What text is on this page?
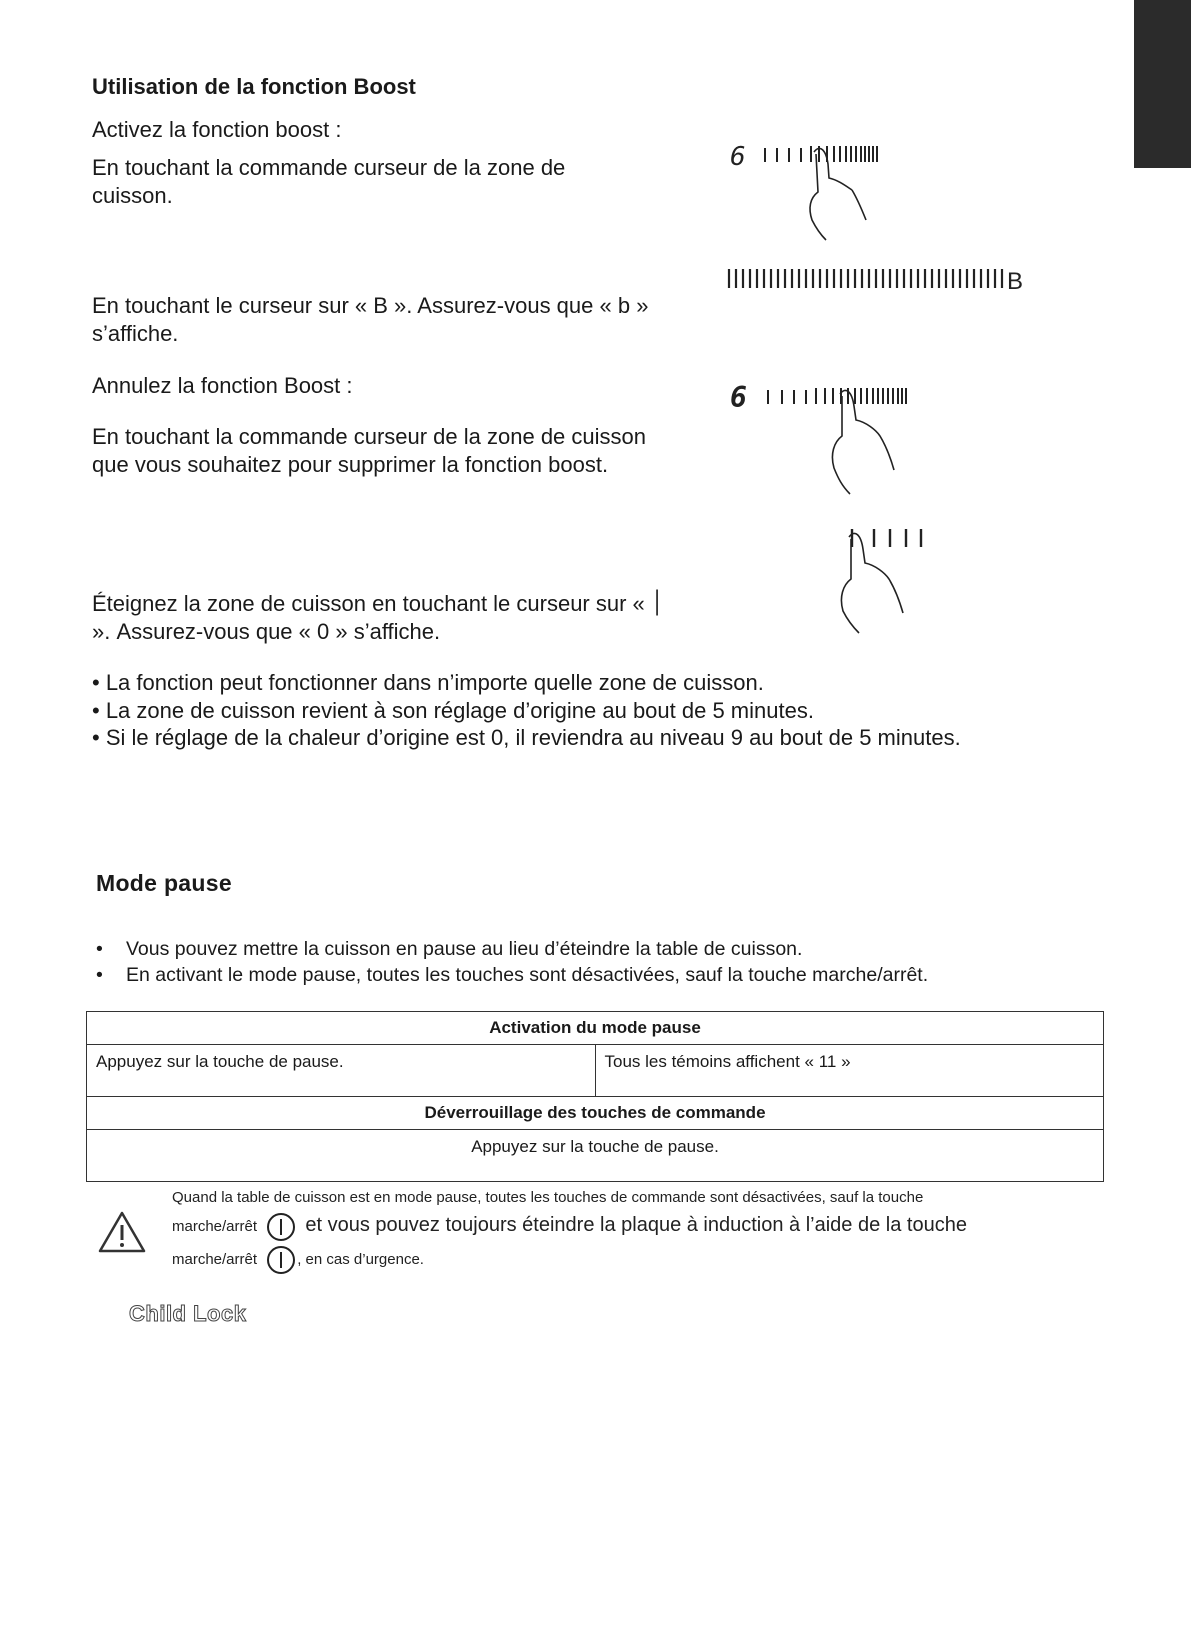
Utilisation de la fonction Boost
Activez la fonction boost :
En touchant la commande curseur de la zone de cuisson.
En touchant le curseur sur « B ». Assurez-vous que « b » s’affiche.
Annulez la fonction Boost :
En touchant la commande curseur de la zone de cuisson que vous souhaitez pour supprimer la fonction boost.
Éteignez la zone de cuisson en touchant le curseur sur « ׀ ». Assurez-vous que « 0 » s’affiche.
• La fonction peut fonctionner dans n’importe quelle zone de cuisson.
• La zone de cuisson revient à son réglage d’origine au bout de 5 minutes.
• Si le réglage de la chaleur d’origine est 0, il reviendra au niveau 9 au bout de 5 minutes.
6
B
6
Mode pause
• Vous pouvez mettre la cuisson en pause au lieu d’éteindre la table de cuisson.
• En activant le mode pause, toutes les touches sont désactivées, sauf la touche marche/arrêt.
Activation du mode pause
Appuyez sur la touche de pause.	Tous les témoins affichent « 11 »
Déverrouillage des touches de commande
Appuyez sur la touche de pause.
Quand la table de cuisson est en mode pause, toutes les touches de commande sont désactivées, sauf la touche
marche/arrêt et vous pouvez toujours éteindre la plaque à induction à l’aide de la touche
marche/arrêt	, en cas d’urgence.
Child Lock
